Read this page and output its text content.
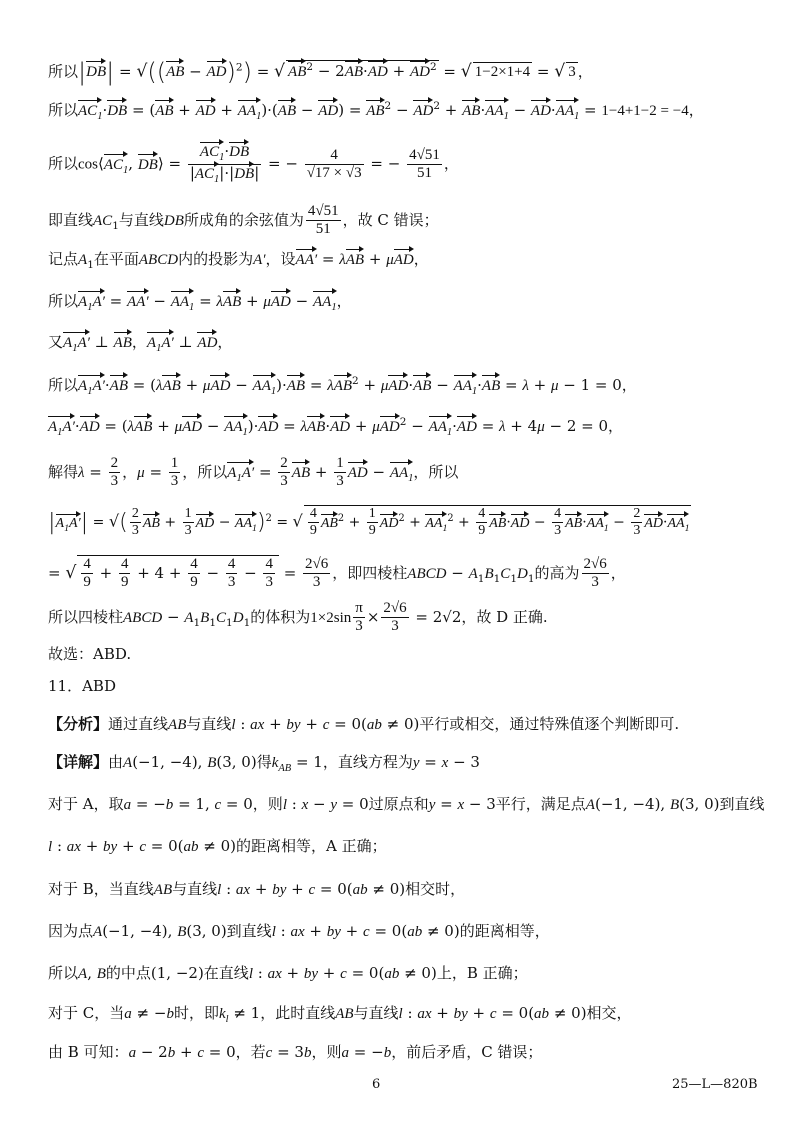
所以|DB| = √((AB − AD)$^2$) = √ $AB^2 - 2AB\cdot AD + AD^2$ = √ 1−2×1+4 = √ 3 ，
所以$AC_1\cdot DB = (AB$ + AD + $AA_1)\cdot(AB - AD) = AB^2 - AD^2 + AB\cdot AA_1 - AD\cdot AA_1 = 1-4+1-2 = -4$，
所以$\cos⟨AC_1$, DB⟩ = $\frac{AC_1\cdot DB}{|AC_1|\cdot|DB|}$ = − $\frac{4}{√17 \times √3}$ = − $\frac{4√51}{51}$ ，
即直线$AC_1$与直线DB所成角的余弦值为 $\frac{4√51}{51}$ ，故 C 错误；
记点$A_1$在平面ABCD内的投影为A′，设AA′ = λAB + μAD，
所以$A_1A' = AA' - AA_1 = \lambda AB + \mu AD - AA_1$，
又$A_1A'$ ⊥ AB，$A_1A'$ ⊥ AD，
所以$A_1A'\cdot AB = (\lambda AB + \mu AD - AA_1)\cdot AB = \lambda AB^2 + \mu AD\cdot AB - AA_1\cdot AB = \lambda + \mu - 1 = 0$，
$A_1A'\cdot AD = (\lambda AB + \mu AD - AA_1)\cdot AD = \lambda AB\cdot AD + \mu AD^2 - AA_1\cdot AD = \lambda + 4\mu - 2 = 0$，
解得$\lambda = \frac{2}{3}$ ，$\mu = \frac{1}{3}$ ，所以$A_1A' = \frac{2}{3}$ AB + $\frac{1}{3}$ AD − $AA_1$，所以
$|A_1A'|$ = √( $\frac{2}{3}$ AB + $\frac{1}{3}$ AD − $AA_1)^2$ = √ $\frac{4}{9} AB^2 + \frac{1}{9} AD^2 + AA_1^2 + \frac{4}{9} AB\cdot AD - \frac{4}{3} AB\cdot AA_1 - \frac{2}{3} AD\cdot AA_1$
= √ $\frac{4}{9} + \frac{4}{9} + 4 + \frac{4}{9} - \frac{4}{3} - \frac{4}{3} = \frac{2√6}{3}$ ，即四棱柱ABCD − $A_1B_1C_1D_1$的高为 $\frac{2√6}{3}$ ，
所以四棱柱ABCD − $A_1B_1C_1D_1$的体积为$1\times 2\sin \frac{\pi}{3} \times \frac{2√6}{3} = 2√2$，故 D 正确.
故选：ABD.
11．ABD
【分析】通过直线AB与直线l : ax + by + c = 0(ab ≠ 0)平行或相交，通过特殊值逐个判断即可.
【详解】由A(−1, −4), B(3, 0)得$k_{AB} = 1$，直线方程为y = x − 3
对于 A，取a = −b = 1, c = 0，则l : x − y = 0过原点和y = x − 3平行，满足点A(−1, −4), B(3, 0)到直线
l : ax + by + c = 0(ab ≠ 0)的距离相等，A 正确；
对于 B，当直线AB与直线l : ax + by + c = 0(ab ≠ 0)相交时，
因为点A(−1, −4), B(3, 0)到直线l : ax + by + c = 0(ab ≠ 0)的距离相等，
所以A, B的中点(1, −2)在直线l : ax + by + c = 0(ab ≠ 0)上，B 正确；
对于 C，当a ≠ −b时，即$k_l \ne 1$，此时直线AB与直线l : ax + by + c = 0(ab ≠ 0)相交，
由 B 可知：a − 2b + c = 0，若c = 3b，则a = −b，前后矛盾，C 错误；
6	25—L—820B
